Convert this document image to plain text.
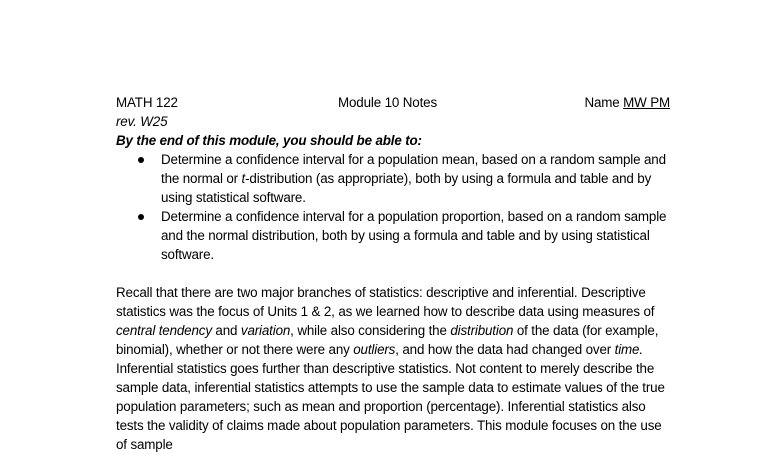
MATH 122	Module 10 Notes	Name MW PM
rev. W25
By the end of this module, you should be able to:
Determine a confidence interval for a population mean, based on a random sample and the normal or t-distribution (as appropriate), both by using a formula and table and by using statistical software.
Determine a confidence interval for a population proportion, based on a random sample and the normal distribution, both by using a formula and table and by using statistical software.

Recall that there are two major branches of statistics: descriptive and inferential. Descriptive statistics was the focus of Units 1 & 2, as we learned how to describe data using measures of central tendency and variation, while also considering the distribution of the data (for example, binomial), whether or not there were any outliers, and how the data had changed over time. Inferential statistics goes further than descriptive statistics. Not content to merely describe the sample data, inferential statistics attempts to use the sample data to estimate values of the true population parameters; such as mean and proportion (percentage). Inferential statistics also tests the validity of claims made about population parameters. This module focuses on the use of sample
